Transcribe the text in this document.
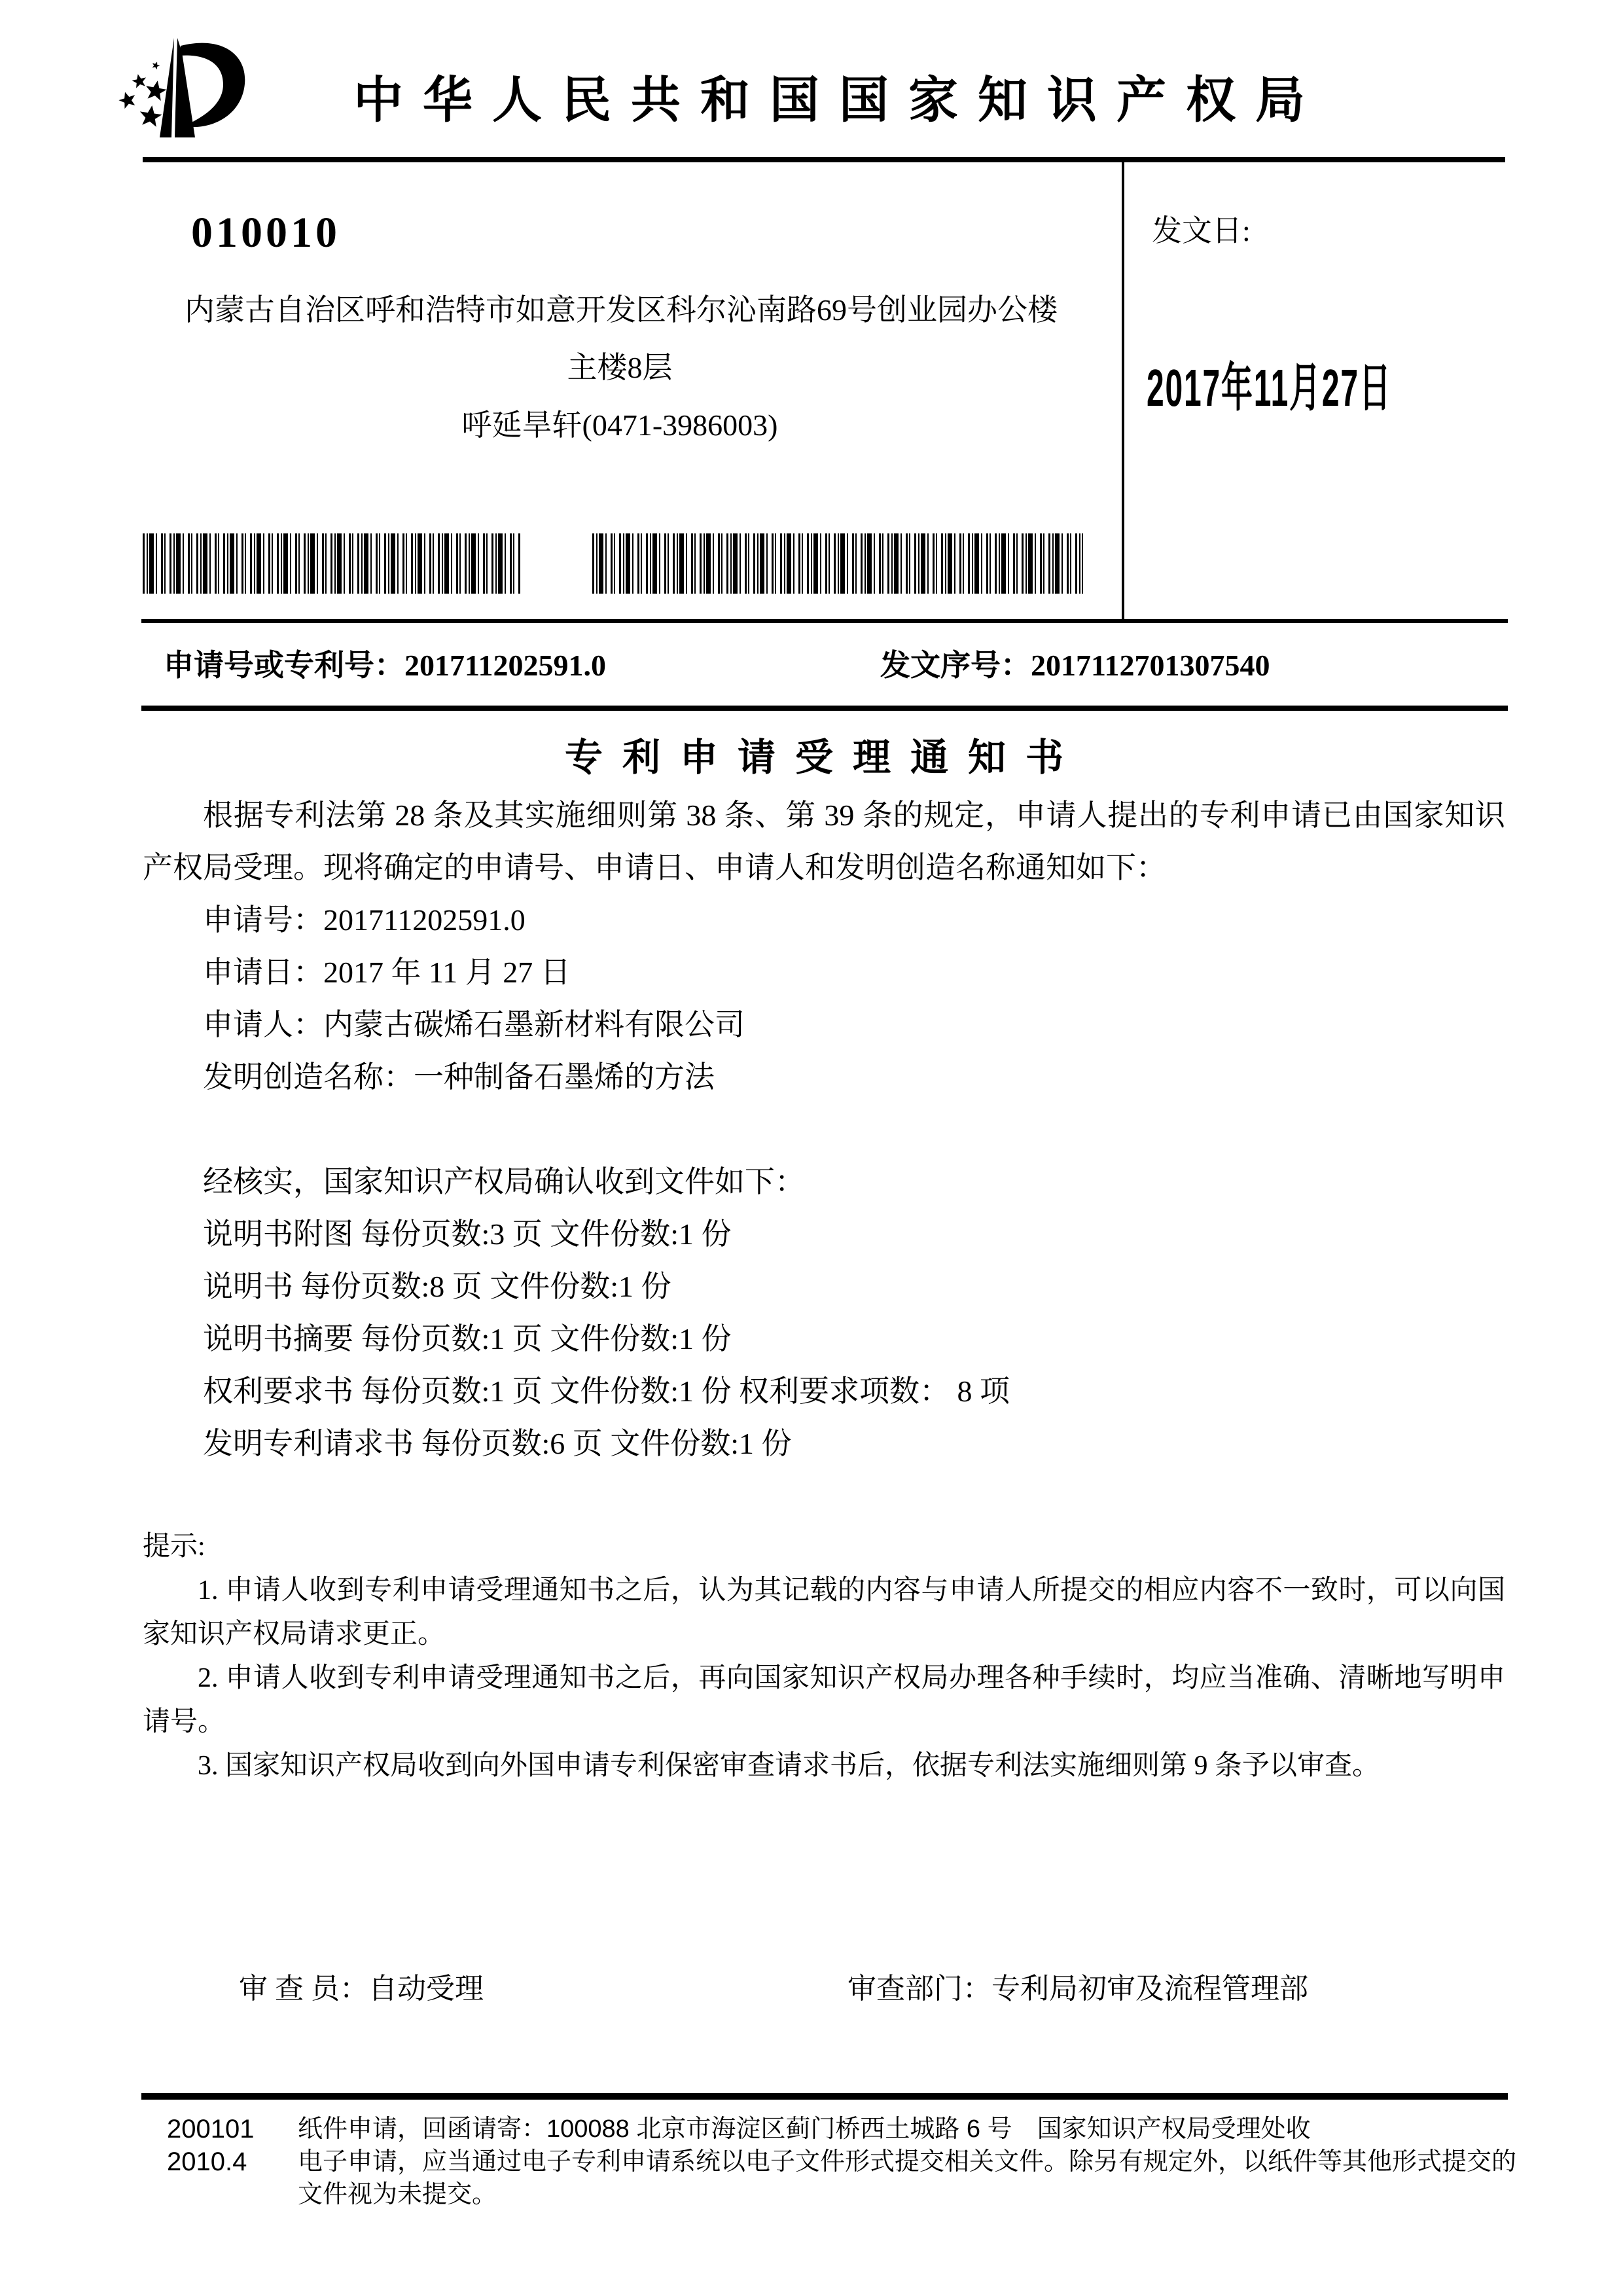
中华人民共和国国家知识产权局
发文日:
2017年11月27日
010010
内蒙古自治区呼和浩特市如意开发区科尔沁南路69号创业园办公楼
主楼8层
呼延旱轩(0471-3986003)
申请号或专利号：201711202591.0	发文序号：2017112701307540
专利申请受理通知书

根据专利法第 28 条及其实施细则第 38 条、第 39 条的规定，申请人提出的专利申请已由国家知识产权局受理。现将确定的申请号、申请日、申请人和发明创造名称通知如下：

申请号：201711202591.0
申请日：2017 年 11 月 27 日
申请人：内蒙古碳烯石墨新材料有限公司
发明创造名称：一种制备石墨烯的方法
经核实，国家知识产权局确认收到文件如下：
说明书附图 每份页数:3 页 文件份数:1 份
说明书 每份页数:8 页 文件份数:1 份
说明书摘要 每份页数:1 页 文件份数:1 份
权利要求书 每份页数:1 页 文件份数:1 份 权利要求项数： 8 项
发明专利请求书 每份页数:6 页 文件份数:1 份
提示:

1. 申请人收到专利申请受理通知书之后，认为其记载的内容与申请人所提交的相应内容不一致时，可以向国家知识产权局请求更正。

2. 申请人收到专利申请受理通知书之后，再向国家知识产权局办理各种手续时，均应当准确、清晰地写明申请号。

3. 国家知识产权局收到向外国申请专利保密审查请求书后，依据专利法实施细则第 9 条予以审查。

审 查 员：自动受理	审查部门：专利局初审及流程管理部
200101
2010.4
纸件申请，回函请寄：100088 北京市海淀区蓟门桥西土城路 6 号　国家知识产权局受理处收
电子申请，应当通过电子专利申请系统以电子文件形式提交相关文件。除另有规定外，以纸件等其他形式提交的
文件视为未提交。
